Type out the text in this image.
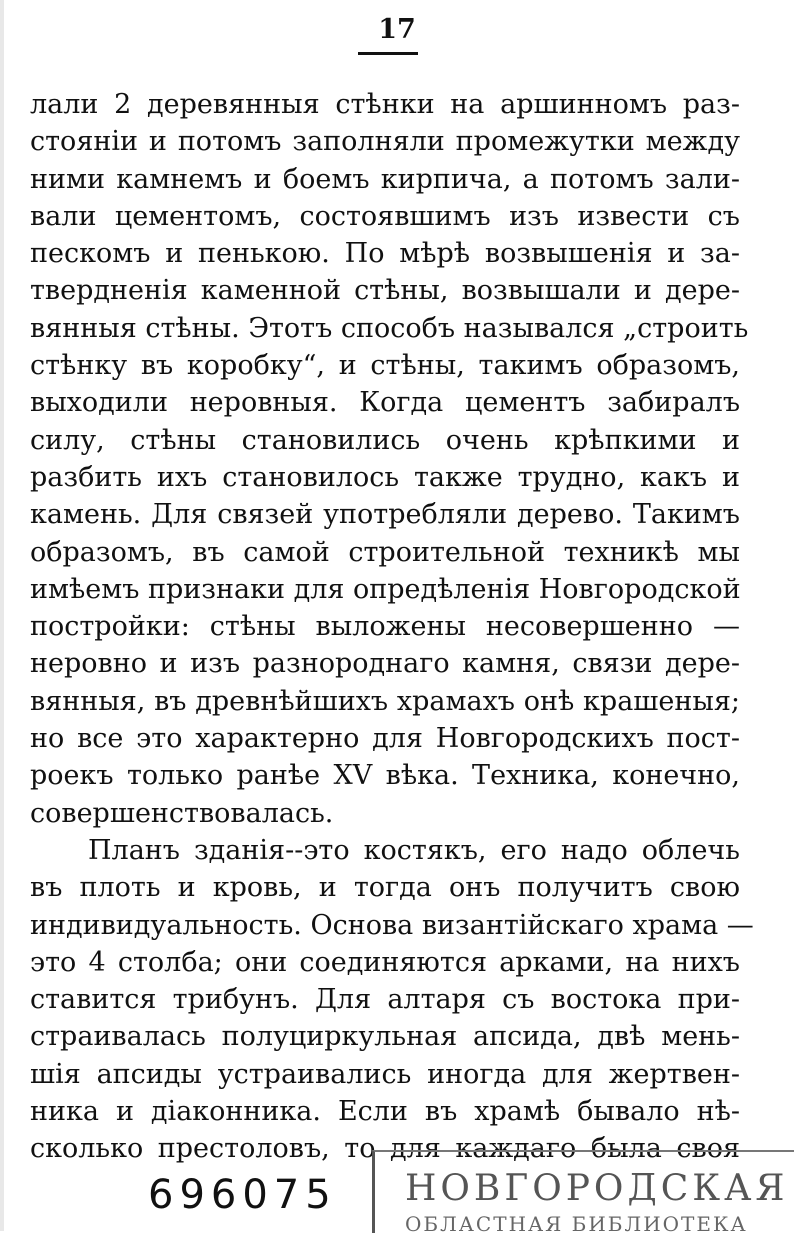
17
лали 2 деревянныя стѣнки на аршинномъ раз-
стояніи и потомъ заполняли промежутки между
ними камнемъ и боемъ кирпича, а потомъ зали-
вали цементомъ, состоявшимъ изъ извести съ
пескомъ и пенькою. По мѣрѣ возвышенія и за-
твердненія каменной стѣны, возвышали и дере-
вянныя стѣны. Этотъ способъ назывался „строить
стѣнку въ коробку“, и стѣны, такимъ образомъ,
выходили неровныя. Когда цементъ забиралъ
силу, стѣны становились очень крѣпкими и
разбить ихъ становилось также трудно, какъ и
камень. Для связей употребляли дерево. Такимъ
образомъ, въ самой строительной техникѣ мы
имѣемъ признаки для опредѣленія Новгородской
постройки: стѣны выложены несовершенно —
неровно и изъ разнороднаго камня, связи дере-
вянныя, въ древнѣйшихъ храмахъ онѣ крашеныя;
но все это характерно для Новгородскихъ пост-
роекъ только ранѣе XV вѣка. Техника, конечно,
совершенствовалась.
Планъ зданія--это костякъ, его надо облечь
въ плоть и кровь, и тогда онъ получитъ свою
индивидуальность. Основа византійскаго храма —
это 4 столба; они соединяются арками, на нихъ
ставится трибунъ. Для алтаря съ востока при-
страивалась полуциркульная апсида, двѣ мень-
шія апсиды устраивались иногда для жертвен-
ника и діаконника. Если въ храмѣ бывало нѣ-
сколько престоловъ, то для каждаго была своя
696075 НОВГОРОДСКАЯ
ОБЛАСТНАЯ БИБЛИОТЕКА
